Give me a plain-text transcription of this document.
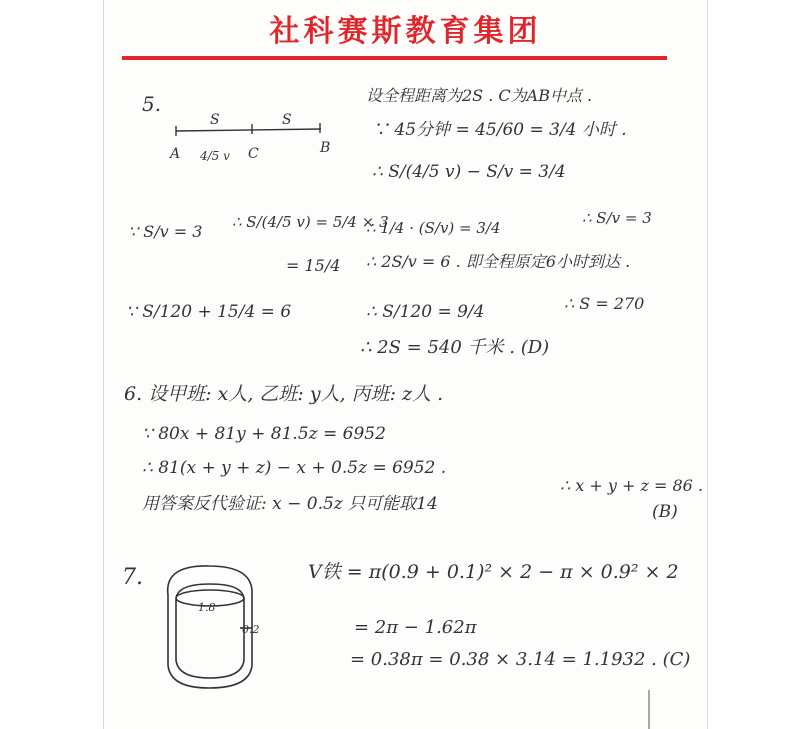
社科赛斯教育集团
5.
S	S
A 4/5 v C	B
设全程距离为2S . C为AB中点 .
∵ 45分钟 = 45/60 = 3/4 小时 .
∴ S/(4/5 v) − S/v = 3/4
∵ S/v = 3 ∴ S/(4/5 v) = 5/4 × 3
∴ 1/4 · (S/v) = 3/4
∴ S/v = 3
= 15/4 ∴ 2S/v = 6 . 即全程原定6小时到达 .
∵ S/120 + 15/4 = 6	∴ S/120 = 9/4	∴ S = 270
∴ 2S = 540 千米 . (D)
6. 设甲班: x人, 乙班: y人, 丙班: z人 .
∵ 80x + 81y + 81.5z = 6952
∴ 81(x + y + z) − x + 0.5z = 6952 .
用答案反代验证: x − 0.5z 只可能取14
∴ x + y + z = 86 .
(B)
7.
1.8
0.2
V铁 = π(0.9 + 0.1)² × 2 − π × 0.9² × 2
= 2π − 1.62π
= 0.38π = 0.38 × 3.14 = 1.1932 . (C)
